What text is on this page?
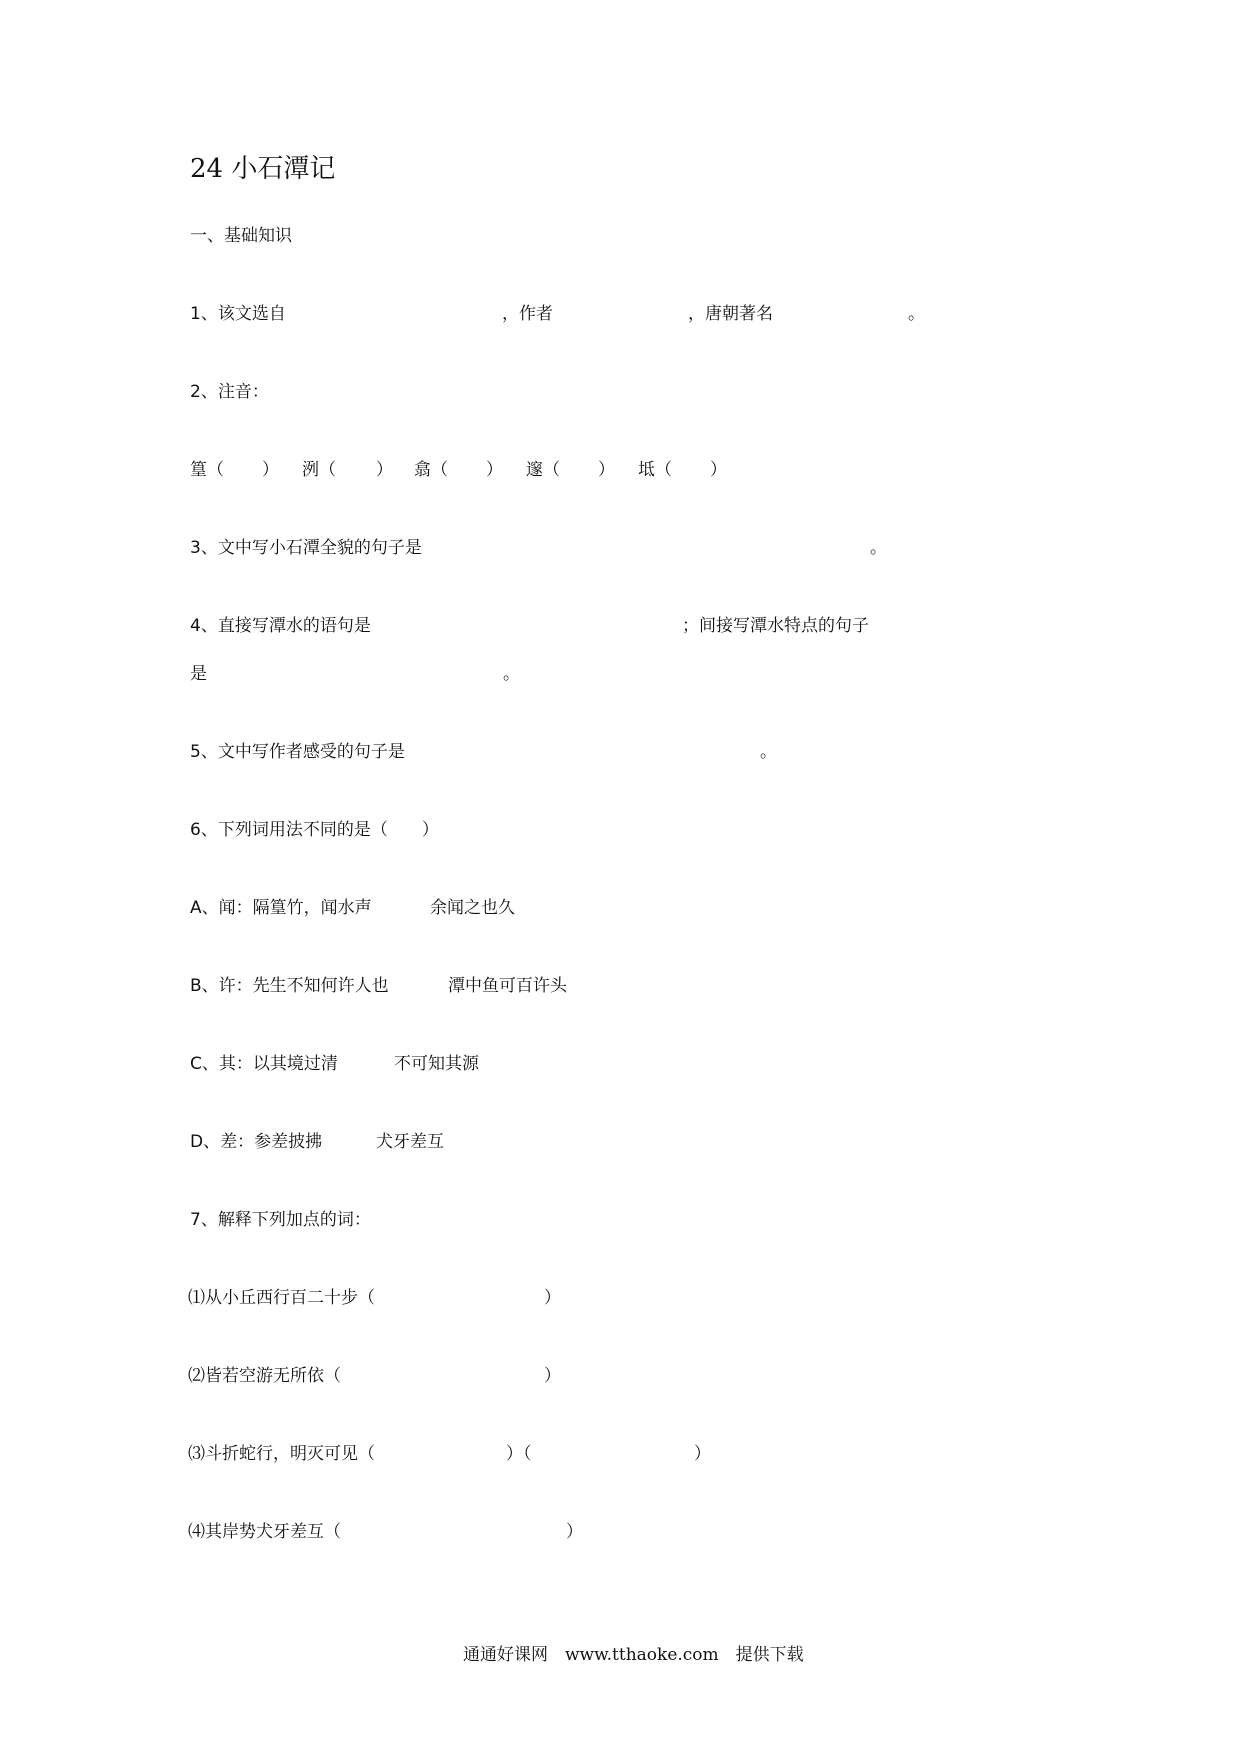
24 小石潭记
一、基础知识
1、该文选自	，作者	，唐朝著名	。
2、注音：
篁（ ） 洌（ ） 翕（ ） 邃（ ） 坻（ ）
3、文中写小石潭全貌的句子是	。
4、直接写潭水的语句是	；间接写潭水特点的句子
是	。
5、文中写作者感受的句子是	。
6、下列词用法不同的是（　　）
A、闻：隔篁竹，闻水声	余闻之也久
B、许：先生不知何许人也	潭中鱼可百许头
C、其：以其境过清	不可知其源
D、差：参差披拂	犬牙差互
7、解释下列加点的词：
⑴从小丘西行百二十步（	）
⑵皆若空游无所依（	）
⑶斗折蛇行，明灭可见（	）（	）
⑷其岸势犬牙差互（	）
通通好课网　www.tthaoke.com　提供下载
